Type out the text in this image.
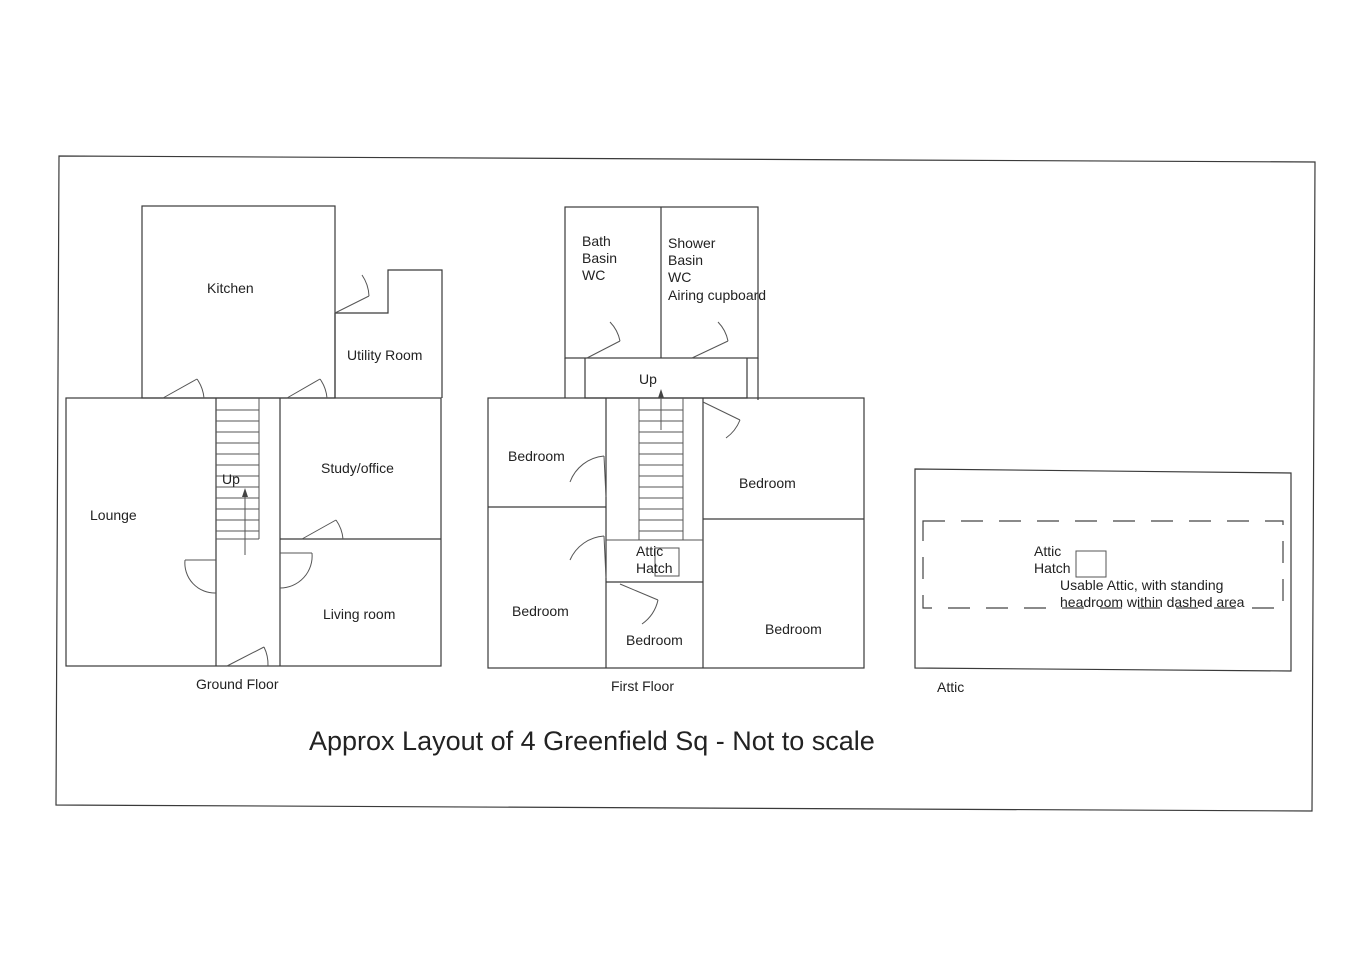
Kitchen
Utility Room
Lounge
Study/office
Living room
Up
Ground Floor
Bath
Basin
WC
Shower
Basin
WC
Airing cupboard
Up
Bedroom
Bedroom
Bedroom
Bedroom
Bedroom
Attic
Hatch
First Floor
Attic
Hatch
Usable Attic, with standing
headroom within dashed area
Attic
Approx Layout of 4 Greenfield Sq - Not to scale
